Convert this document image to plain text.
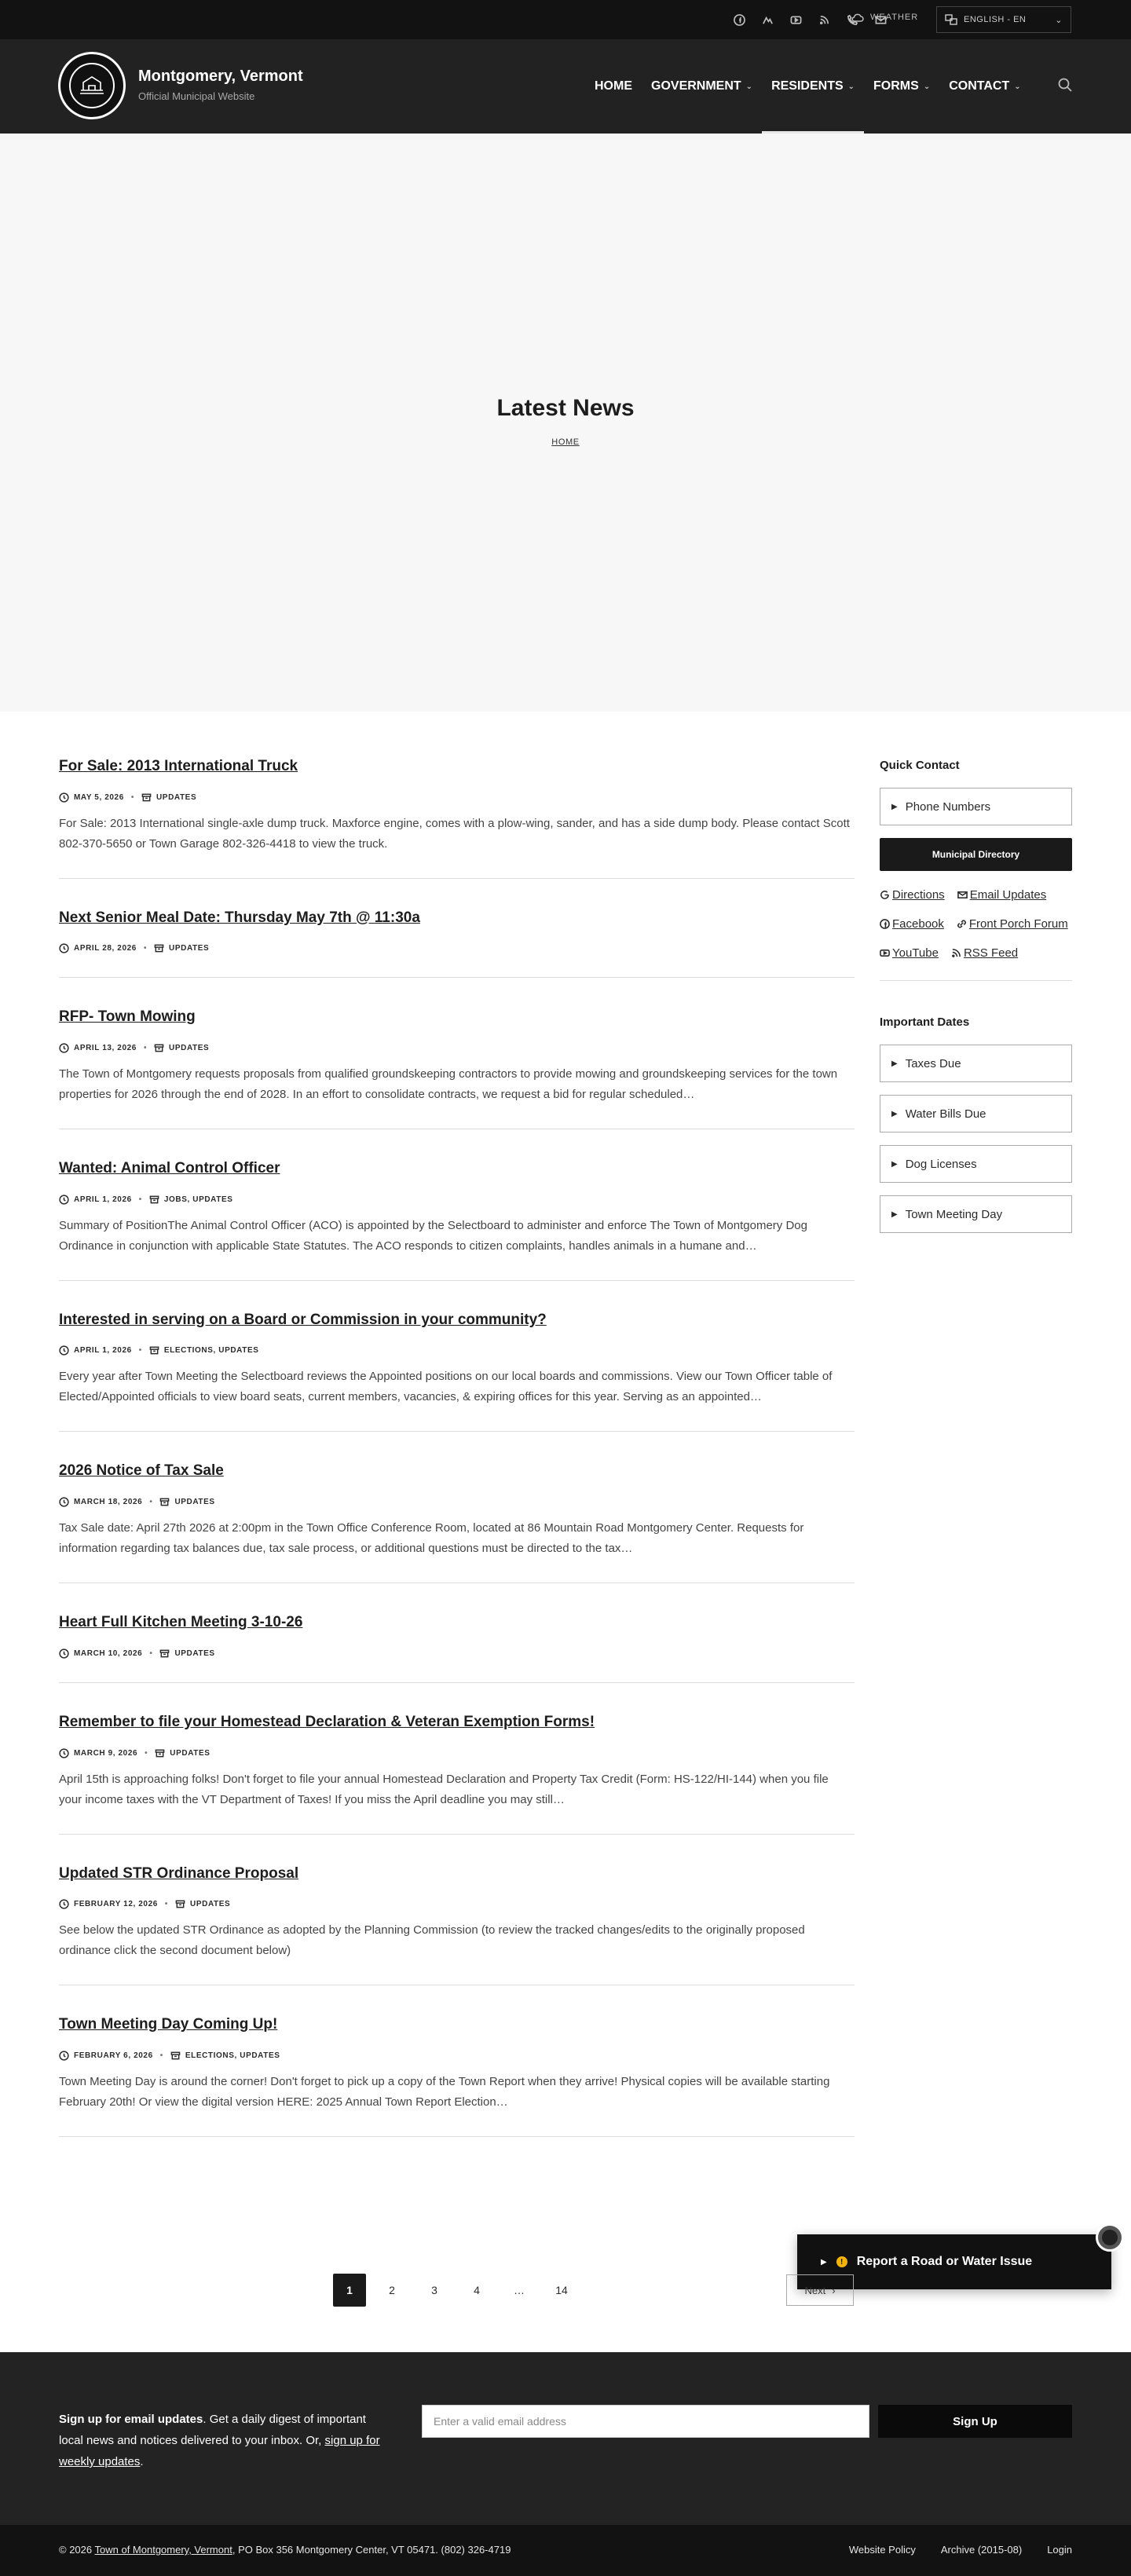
WEATHER	ENGLISH - EN	⌄
Montgomery, Vermont
Official Municipal Website
HOME GOVERNMENT ⌄ RESIDENTS ⌄ FORMS ⌄ CONTACT ⌄
Latest News
HOME
For Sale: 2013 International Truck
MAY 5, 2026 •	UPDATES

For Sale: 2013 International single-axle dump truck. Maxforce engine, comes with a plow-wing, sander, and has a side dump body. Please contact Scott 802-370-5650 or Town Garage 802-326-4418 to view the truck.

Next Senior Meal Date: Thursday May 7th @ 11:30a
APRIL 28, 2026 •	UPDATES
RFP- Town Mowing
APRIL 13, 2026 •	UPDATES

The Town of Montgomery requests proposals from qualified groundskeeping contractors to provide mowing and groundskeeping services for the town properties for 2026 through the end of 2028. In an effort to consolidate contracts, we request a bid for regular scheduled…

Wanted: Animal Control Officer
APRIL 1, 2026 •	JOBS, UPDATES

Summary of PositionThe Animal Control Officer (ACO) is appointed by the Selectboard to administer and enforce The Town of Montgomery Dog Ordinance in conjunction with applicable State Statutes. The ACO responds to citizen complaints, handles animals in a humane and…

Interested in serving on a Board or Commission in your community?
APRIL 1, 2026 •	ELECTIONS, UPDATES

Every year after Town Meeting the Selectboard reviews the Appointed positions on our local boards and commissions. View our Town Officer table of Elected/Appointed officials to view board seats, current members, vacancies, & expiring offices for this year. Serving as an appointed…

2026 Notice of Tax Sale
MARCH 18, 2026 •	UPDATES

Tax Sale date: April 27th 2026 at 2:00pm in the Town Office Conference Room, located at 86 Mountain Road Montgomery Center. Requests for information regarding tax balances due, tax sale process, or additional questions must be directed to the tax…

Heart Full Kitchen Meeting 3-10-26
MARCH 10, 2026 •	UPDATES
Remember to file your Homestead Declaration & Veteran Exemption Forms!
MARCH 9, 2026 •	UPDATES

April 15th is approaching folks! Don't forget to file your annual Homestead Declaration and Property Tax Credit (Form: HS-122/HI-144) when you file your income taxes with the VT Department of Taxes! If you miss the April deadline you may still…

Updated STR Ordinance Proposal
FEBRUARY 12, 2026 •	UPDATES

See below the updated STR Ordinance as adopted by the Planning Commission (to review the tracked changes/edits to the originally proposed ordinance click the second document below)

Town Meeting Day Coming Up!
FEBRUARY 6, 2026 •	ELECTIONS, UPDATES

Town Meeting Day is around the corner! Don't forget to pick up a copy of the Town Report when they arrive! Physical copies will be available starting February 20th! Or view the digital version HERE: 2025 Annual Town Report Election…

1	2	3	4	…	14
Quick Contact
▶ Phone Numbers
Municipal Directory
Directions Email Updates
Facebook Front Porch Forum
YouTube RSS Feed
Important Dates
▶ Taxes Due
▶ Water Bills Due
▶ Dog Licenses
▶ Town Meeting Day
▶	!	Report a Road or Water Issue
Sign up for email updates. Get a daily digest of important local news and notices delivered to your inbox. Or, sign up for weekly updates.
Enter a valid email address	Sign Up
© 2026 Town of Montgomery, Vermont, PO Box 356 Montgomery Center, VT 05471. (802) 326-4719	Website Policy Archive (2015-08) Login
Next ›
